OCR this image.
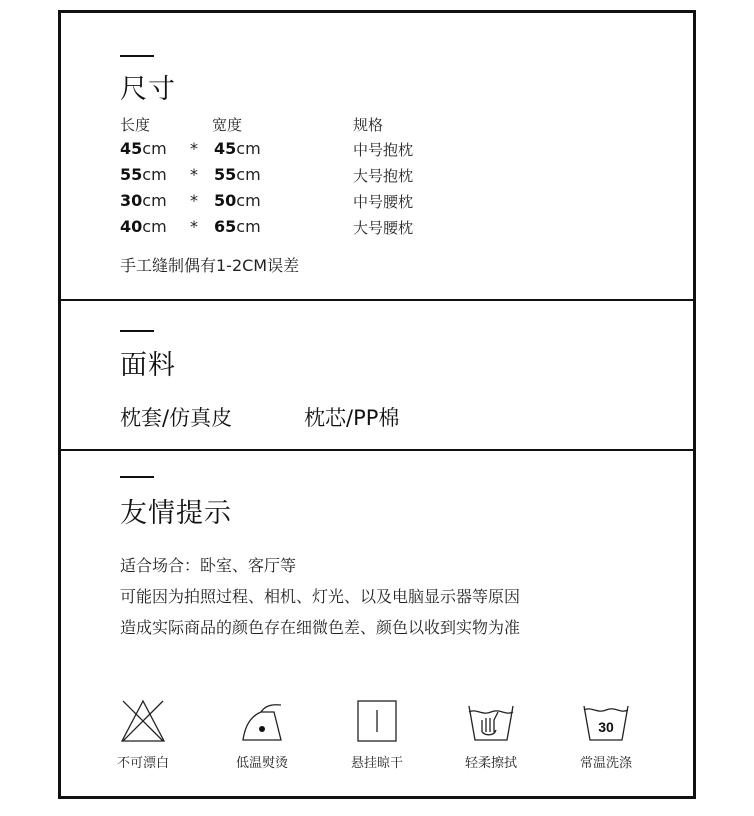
尺寸
长度	宽度	规格
45cm * 45cm	中号抱枕
55cm * 55cm	大号抱枕
30cm * 50cm	中号腰枕
40cm * 65cm	大号腰枕
手工缝制偶有1-2CM误差
面料
枕套/仿真皮	枕芯/PP棉
友情提示
适合场合：卧室、客厅等
可能因为拍照过程、相机、灯光、以及电脑显示器等原因
造成实际商品的颜色存在细微色差、颜色以收到实物为准
不可漂白	低温熨烫	悬挂晾干	轻柔擦拭
30
常温洗涤
